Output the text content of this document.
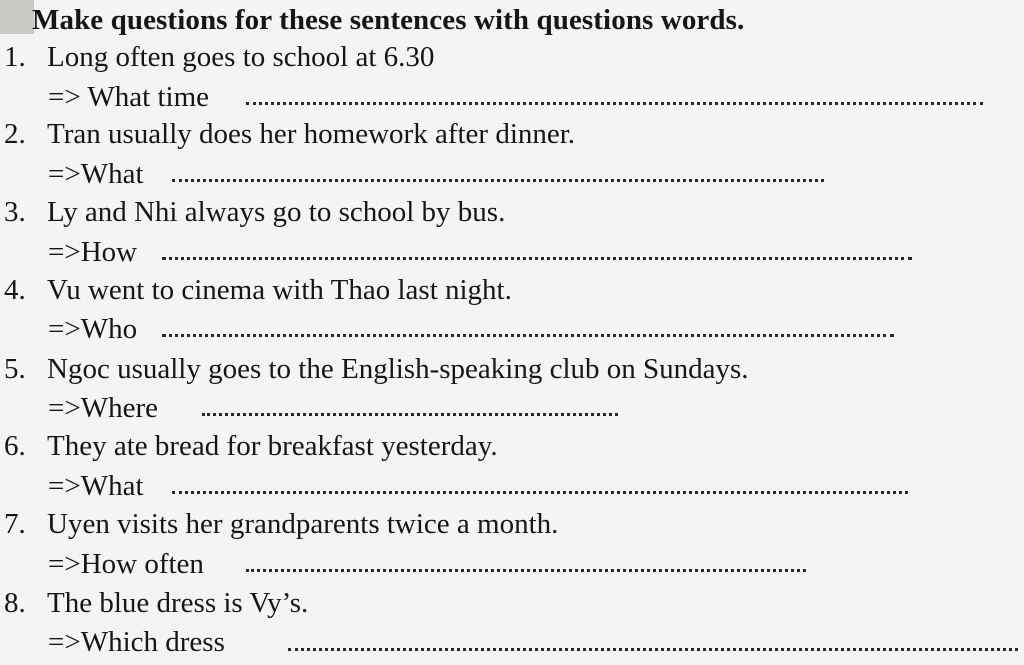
Make questions for these sentences with questions words.
1. Long often goes to school at 6.30
=> What time
2. Tran usually does her homework after dinner.
=>What
3. Ly and Nhi always go to school by bus.
=>How
4. Vu went to cinema with Thao last night.
=>Who
5. Ngoc usually goes to the English-speaking club on Sundays.
=>Where
6. They ate bread for breakfast yesterday.
=>What
7. Uyen visits her grandparents twice a month.
=>How often
8. The blue dress is Vy’s.
=>Which dress
